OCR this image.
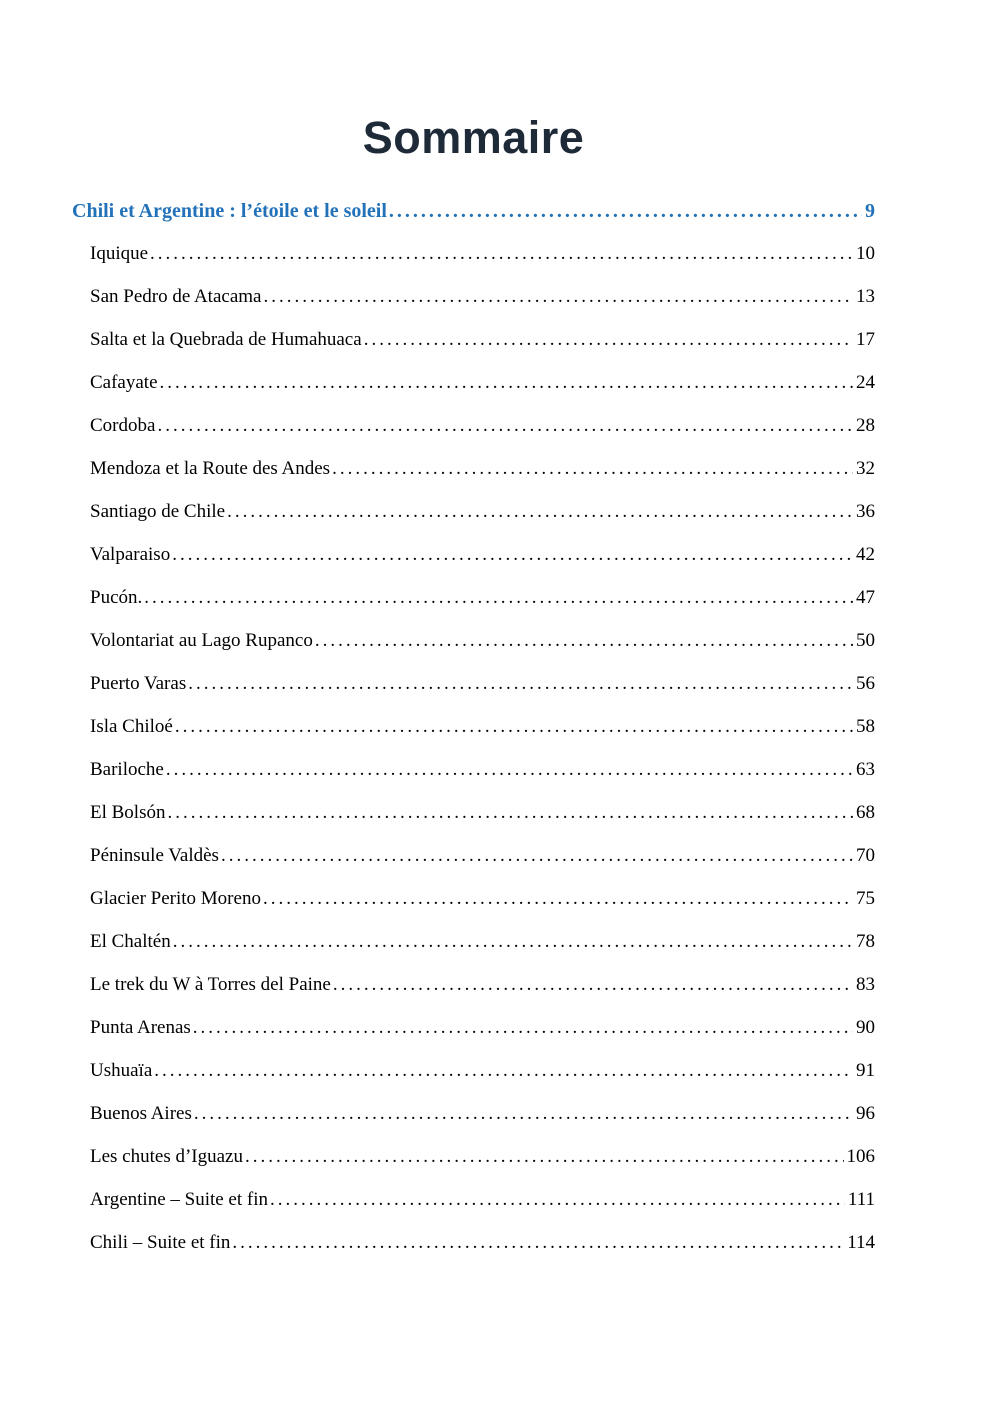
Sommaire
Chili et Argentine : l’étoile et le soleil .....	9
Iquique .....	10
San Pedro de Atacama .....	13
Salta et la Quebrada de Humahuaca .....	17
Cafayate .....	24
Cordoba .....	28
Mendoza et la Route des Andes .....	32
Santiago de Chile .....	36
Valparaiso .....	42
Pucón. .....	47
Volontariat au Lago Rupanco .....	50
Puerto Varas .....	56
Isla Chiloé .....	58
Bariloche .....	63
El Bolsón .....	68
Péninsule Valdès .....	70
Glacier Perito Moreno .....	75
El Chaltén .....	78
Le trek du W à Torres del Paine .....	83
Punta Arenas .....	90
Ushuaïa .....	91
Buenos Aires .....	96
Les chutes d’Iguazu .....	106
Argentine – Suite et fin .....	111
Chili – Suite et fin .....	114
